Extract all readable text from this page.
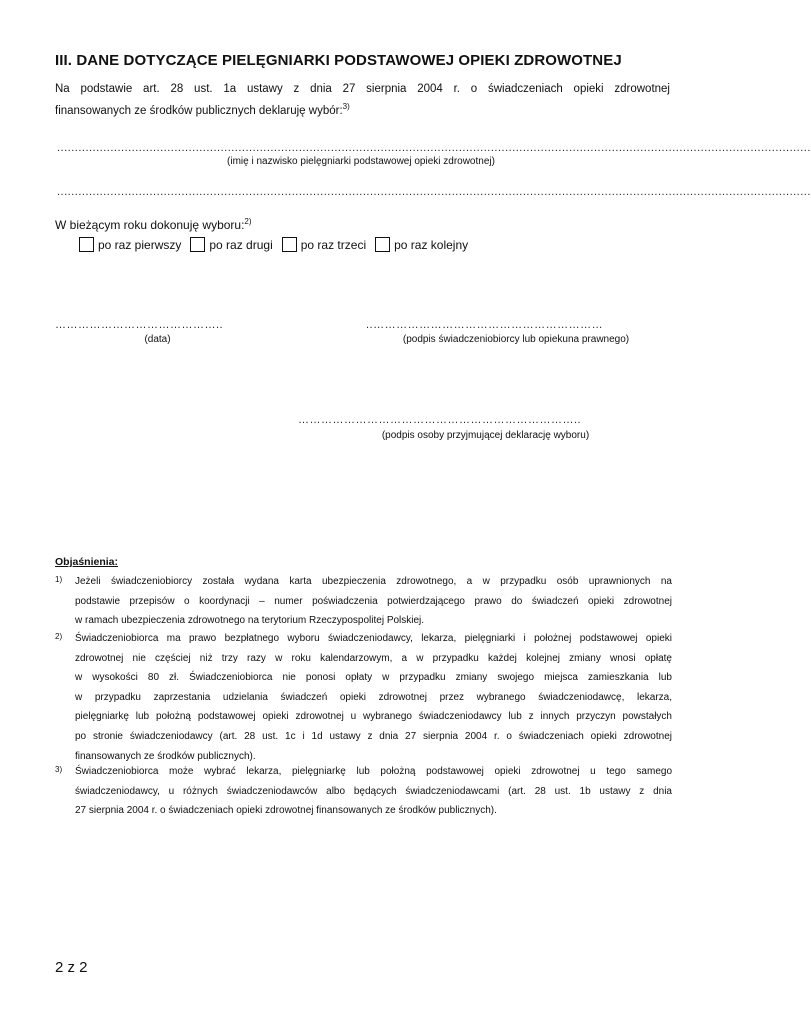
III. DANE DOTYCZĄCE PIELĘGNIARKI PODSTAWOWEJ OPIEKI ZDROWOTNEJ
Na podstawie art. 28 ust. 1a ustawy z dnia 27 sierpnia 2004 r. o świadczeniach opieki zdrowotnej
finansowanych ze środków publicznych deklaruję wybór:$^{3)}$
....................................................................................................................................................................................................................
(imię i nazwisko pielęgniarki podstawowej opieki zdrowotnej)
....................................................................................................................................................................................................................
W bieżącym roku dokonuję wyboru:$^{2)}$
po raz pierwszy po raz drugi po raz trzeci po raz kolejny
……………………………………..
(data)
..……………………………………………………
(podpis świadczeniobiorcy lub opiekuna prawnego)
………………………………………………………………..
(podpis osoby przyjmującej deklarację wyboru)
Objaśnienia:
1) Jeżeli świadczeniobiorcy została wydana karta ubezpieczenia zdrowotnego, a w przypadku osób uprawnionych na
podstawie przepisów o koordynacji – numer poświadczenia potwierdzającego prawo do świadczeń opieki zdrowotnej
w ramach ubezpieczenia zdrowotnego na terytorium Rzeczypospolitej Polskiej.
2) Świadczeniobiorca ma prawo bezpłatnego wyboru świadczeniodawcy, lekarza, pielęgniarki i położnej podstawowej opieki
zdrowotnej nie częściej niż trzy razy w roku kalendarzowym, a w przypadku każdej kolejnej zmiany wnosi opłatę
w wysokości 80 zł. Świadczeniobiorca nie ponosi opłaty w przypadku zmiany swojego miejsca zamieszkania lub
w przypadku zaprzestania udzielania świadczeń opieki zdrowotnej przez wybranego świadczeniodawcę, lekarza,
pielęgniarkę lub położną podstawowej opieki zdrowotnej u wybranego świadczeniodawcy lub z innych przyczyn powstałych
po stronie świadczeniodawcy (art. 28 ust. 1c i 1d ustawy z dnia 27 sierpnia 2004 r. o świadczeniach opieki zdrowotnej
finansowanych ze środków publicznych).
3) Świadczeniobiorca może wybrać lekarza, pielęgniarkę lub położną podstawowej opieki zdrowotnej u tego samego
świadczeniodawcy, u różnych świadczeniodawców albo będących świadczeniodawcami (art. 28 ust. 1b ustawy z dnia
27 sierpnia 2004 r. o świadczeniach opieki zdrowotnej finansowanych ze środków publicznych).
2 z 2
